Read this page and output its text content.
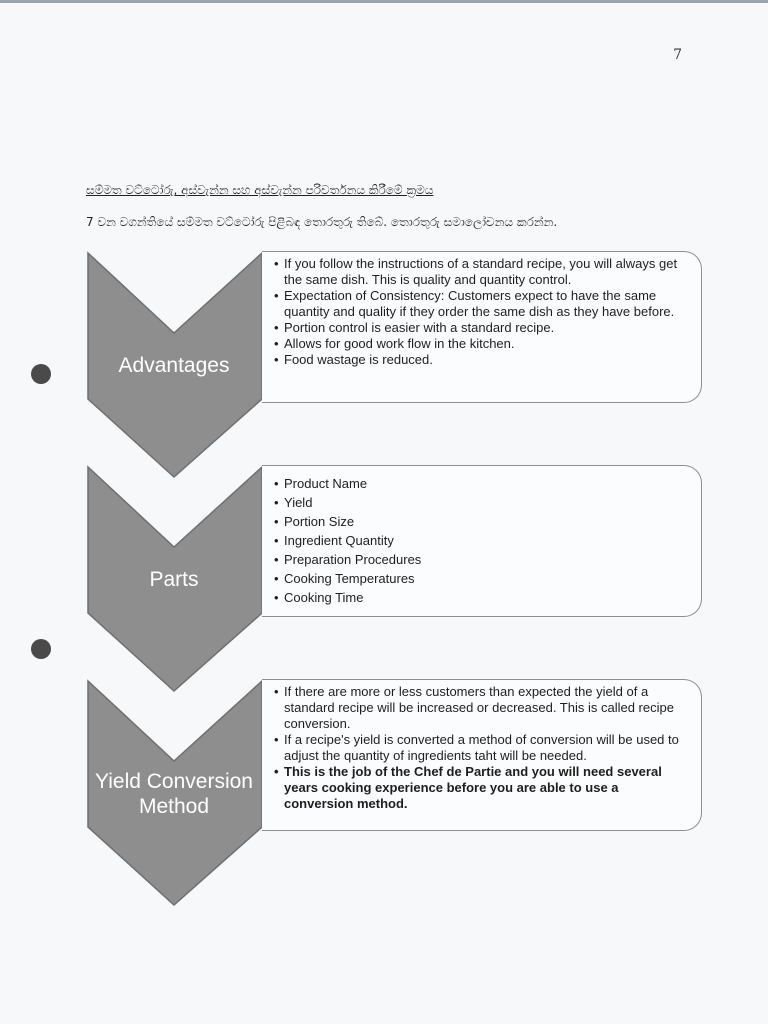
7
සම්මත වට්ටෝරු, අස්වැන්න සහ අස්වැන්න පරිවර්තනය කිරීමේ ක්‍රමය
7 වන වගන්තියේ සම්මත වට්ටෝරු පිළිබඳ තොරතුරු තිබේ. තොරතුරු සමාලෝචනය කරන්න.
Advantages
• If you follow the instructions of a standard recipe, you will always get the same dish. This is quality and quantity control.
• Expectation of Consistency: Customers expect to have the same quantity and quality if they order the same dish as they have before.
• Portion control is easier with a standard recipe.
• Allows for good work flow in the kitchen.
• Food wastage is reduced.
Parts
• Product Name
• Yield
• Portion Size
• Ingredient Quantity
• Preparation Procedures
• Cooking Temperatures
• Cooking Time
Yield Conversion
Method
• If there are more or less customers than expected the yield of a standard recipe will be increased or decreased. This is called recipe conversion.
• If a recipe's yield is converted a method of conversion will be used to adjust the quantity of ingredients taht will be needed.
• This is the job of the Chef de Partie and you will need several years cooking experience before you are able to use a conversion method.
